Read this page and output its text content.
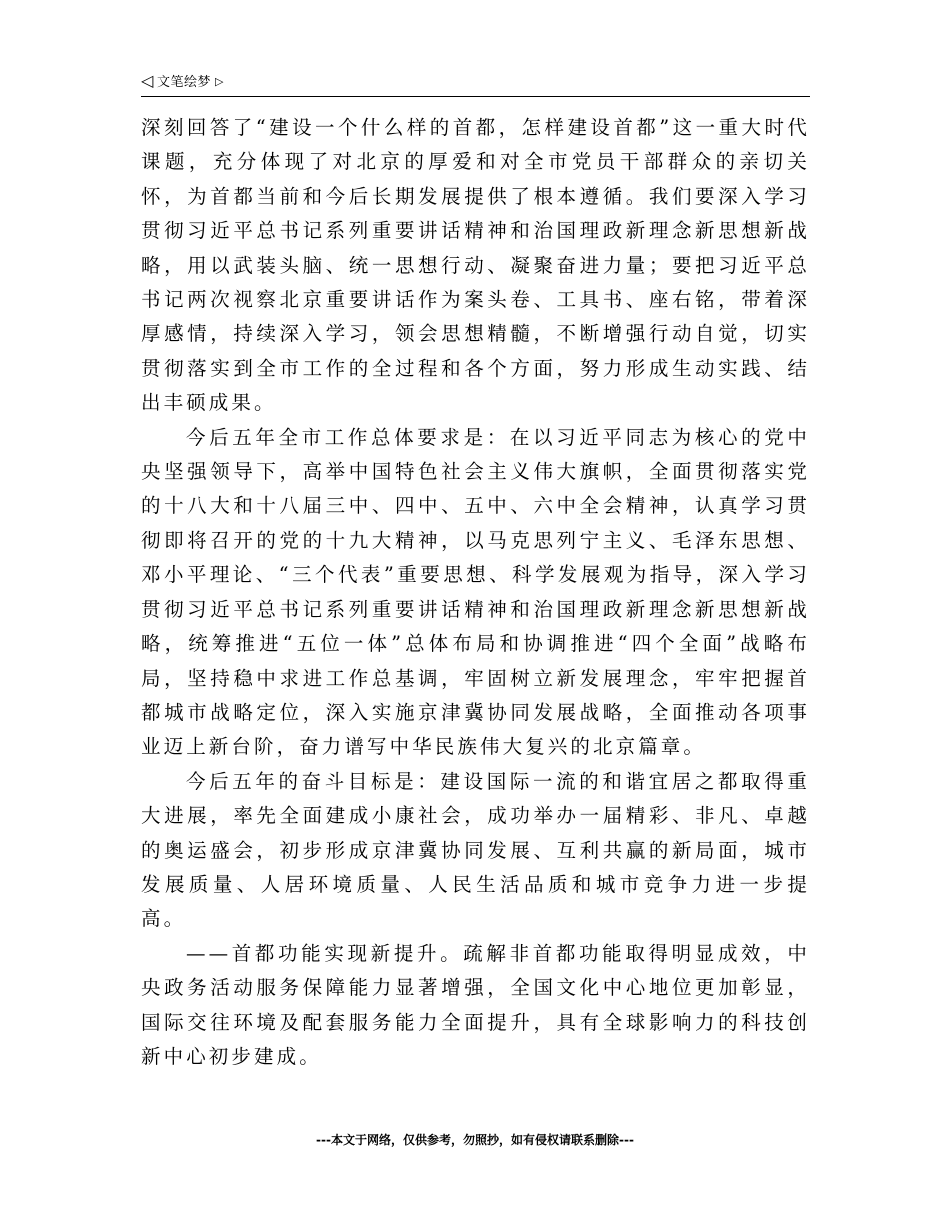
◁ 文笔绘梦 ▷

深刻回答了“建设一个什么样的首都，怎样建设首都”这一重大时代课题，充分体现了对北京的厚爱和对全市党员干部群众的亲切关怀，为首都当前和今后长期发展提供了根本遵循。我们要深入学习贯彻习近平总书记系列重要讲话精神和治国理政新理念新思想新战略，用以武装头脑、统一思想行动、凝聚奋进力量；要把习近平总书记两次视察北京重要讲话作为案头卷、工具书、座右铭，带着深厚感情，持续深入学习，领会思想精髓，不断增强行动自觉，切实贯彻落实到全市工作的全过程和各个方面，努力形成生动实践、结出丰硕成果。

今后五年全市工作总体要求是：在以习近平同志为核心的党中央坚强领导下，高举中国特色社会主义伟大旗帜，全面贯彻落实党的十八大和十八届三中、四中、五中、六中全会精神，认真学习贯彻即将召开的党的十九大精神，以马克思列宁主义、毛泽东思想、邓小平理论、“三个代表”重要思想、科学发展观为指导，深入学习贯彻习近平总书记系列重要讲话精神和治国理政新理念新思想新战略，统筹推进“五位一体”总体布局和协调推进“四个全面”战略布局，坚持稳中求进工作总基调，牢固树立新发展理念，牢牢把握首都城市战略定位，深入实施京津冀协同发展战略，全面推动各项事业迈上新台阶，奋力谱写中华民族伟大复兴的北京篇章。

今后五年的奋斗目标是：建设国际一流的和谐宜居之都取得重大进展，率先全面建成小康社会，成功举办一届精彩、非凡、卓越的奥运盛会，初步形成京津冀协同发展、互利共赢的新局面，城市发展质量、人居环境质量、人民生活品质和城市竞争力进一步提高。

——首都功能实现新提升。疏解非首都功能取得明显成效，中央政务活动服务保障能力显著增强，全国文化中心地位更加彰显，国际交往环境及配套服务能力全面提升，具有全球影响力的科技创新中心初步建成。

---本文于网络，仅供参考，勿照抄，如有侵权请联系删除---
